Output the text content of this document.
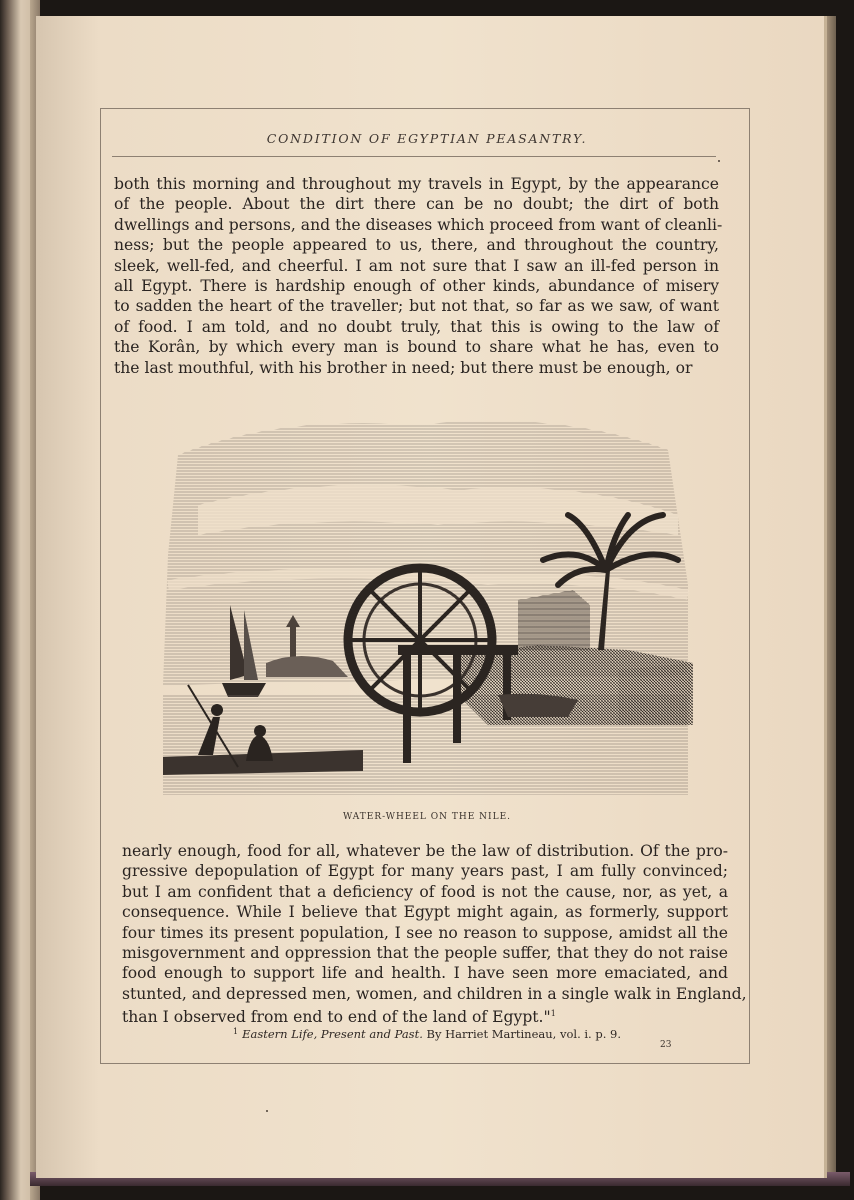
CONDITION OF EGYPTIAN PEASANTRY.
both this morning and throughout my travels in Egypt, by the appearance
of the people. About the dirt there can be no doubt; the dirt of both
dwellings and persons, and the diseases which proceed from want of cleanli-
ness; but the people appeared to us, there, and throughout the country,
sleek, well-fed, and cheerful. I am not sure that I saw an ill-fed person in
all Egypt. There is hardship enough of other kinds, abundance of misery
to sadden the heart of the traveller; but not that, so far as we saw, of want
of food. I am told, and no doubt truly, that this is owing to the law of
the Korân, by which every man is bound to share what he has, even to
the last mouthful, with his brother in need; but there must be enough, or
WATER-WHEEL ON THE NILE.
nearly enough, food for all, whatever be the law of distribution. Of the pro-
gressive depopulation of Egypt for many years past, I am fully convinced;
but I am confident that a deficiency of food is not the cause, nor, as yet, a
consequence. While I believe that Egypt might again, as formerly, support
four times its present population, I see no reason to suppose, amidst all the
misgovernment and oppression that the people suffer, that they do not raise
food enough to support life and health. I have seen more emaciated, and
stunted, and depressed men, women, and children in a single walk in England,
than I observed from end to end of the land of Egypt."$^1$
$^1$ Eastern Life, Present and Past. By Harriet Martineau, vol. i. p. 9.
23
